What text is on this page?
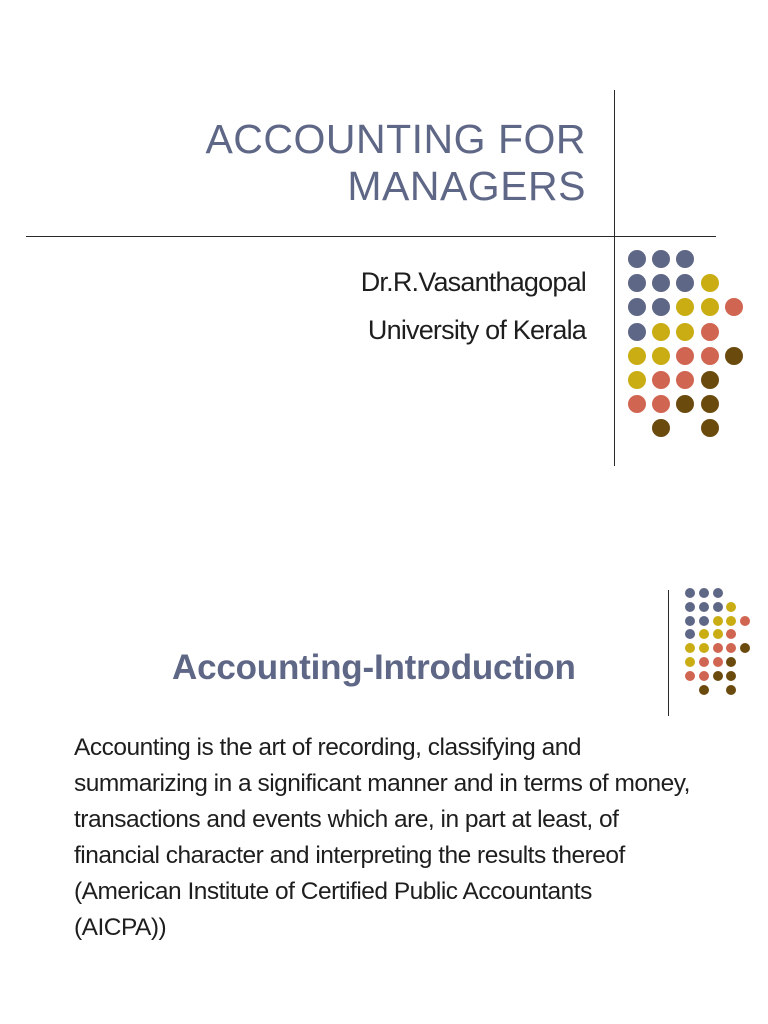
ACCOUNTING FOR
MANAGERS
Dr.R.Vasanthagopal
University of Kerala
Accounting-Introduction
Accounting is the art of recording, classifying and
summarizing in a significant manner and in terms of money,
transactions and events which are, in part at least, of
financial character and interpreting the results thereof
(American Institute of Certified Public Accountants
(AICPA))
